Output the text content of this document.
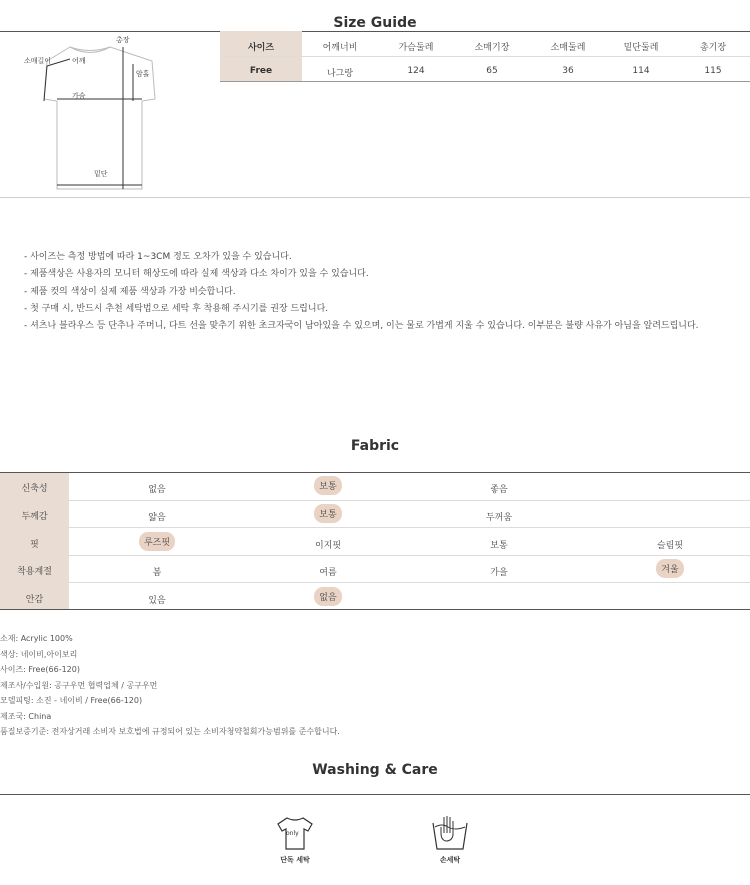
Size Guide
총장
소매길이	어깨
암홀
가슴
밑단
사이즈	어깨너비	가슴둘레	소매기장	소매둘레	밑단둘레	총기장
Free	나그랑	124	65	36	114	115
- 사이즈는 측정 방법에 따라 1~3CM 정도 오차가 있을 수 있습니다.
- 제품색상은 사용자의 모니터 해상도에 따라 실제 색상과 다소 차이가 있을 수 있습니다.
- 제품 컷의 색상이 실제 제품 색상과 가장 비슷합니다.
- 첫 구매 시, 반드시 추천 세탁법으로 세탁 후 착용해 주시기를 권장 드립니다.
- 셔츠나 블라우스 등 단추나 주머니, 다트 선을 맞추기 위한 초크자국이 남아있을 수 있으며, 이는 물로 가볍게 지울 수 있습니다. 이부분은 불량 사유가 아님을 알려드립니다.
Fabric
신축성	없음	보통	좋음
두께감	얇음	보통	두꺼움
핏	루즈핏	이지핏	보통	슬림핏
착용계절	봄	여름	가을	겨울
안감	있음	없음
소재: Acrylic 100%
색상: 네이비,아이보리
사이즈: Free(66-120)
제조사/수입원: 공구우먼 협력업체 / 공구우먼
모델피팅: 소진 - 네이비 / Free(66-120)
제조국: China
품질보증기준: 전자상거래 소비자 보호법에 규정되어 있는 소비자청약철회가능범위를 준수합니다.
Washing & Care
only
단독 세탁	손세탁
